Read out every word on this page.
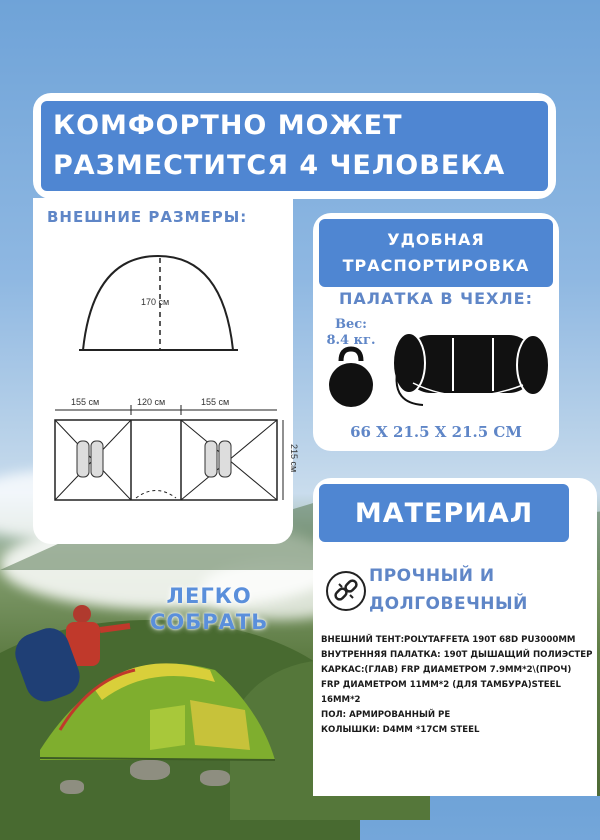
КОМФОРТНО МОЖЕТ
РАЗМЕСТИТСЯ 4 ЧЕЛОВЕКА
ВНЕШНИЕ РАЗМЕРЫ:
170 см
155 см	120 см	155 см
215 см
УДОБНАЯ
ТРАСПОРТИРОВКА
ПАЛАТКА В ЧЕХЛЕ:
Вес:
8.4 кг.
66 X 21.5 X 21.5 CM
МАТЕРИАЛ
ПРОЧНЫЙ И
ДОЛГОВЕЧНЫЙ
ВНЕШНИЙ ТЕНТ:POLYTAFFETA 190T 68D PU3000MM
ВНУТРЕННЯЯ ПАЛАТКА: 190T ДЫШАЩИЙ ПОЛИЭСТЕР
КАРКАС:(ГЛАВ) FRP ДИАМЕТРОМ 7.9MM*2\(ПРОЧ) FRP ДИАМЕТРОМ 11MM*2 (ДЛЯ ТАМБУРА)STEEL 16MM*2
ПОЛ: АРМИРОВАННЫЙ PE
КОЛЫШКИ: D4MM *17CM STEEL
ЛЕГКО
СОБРАТЬ
